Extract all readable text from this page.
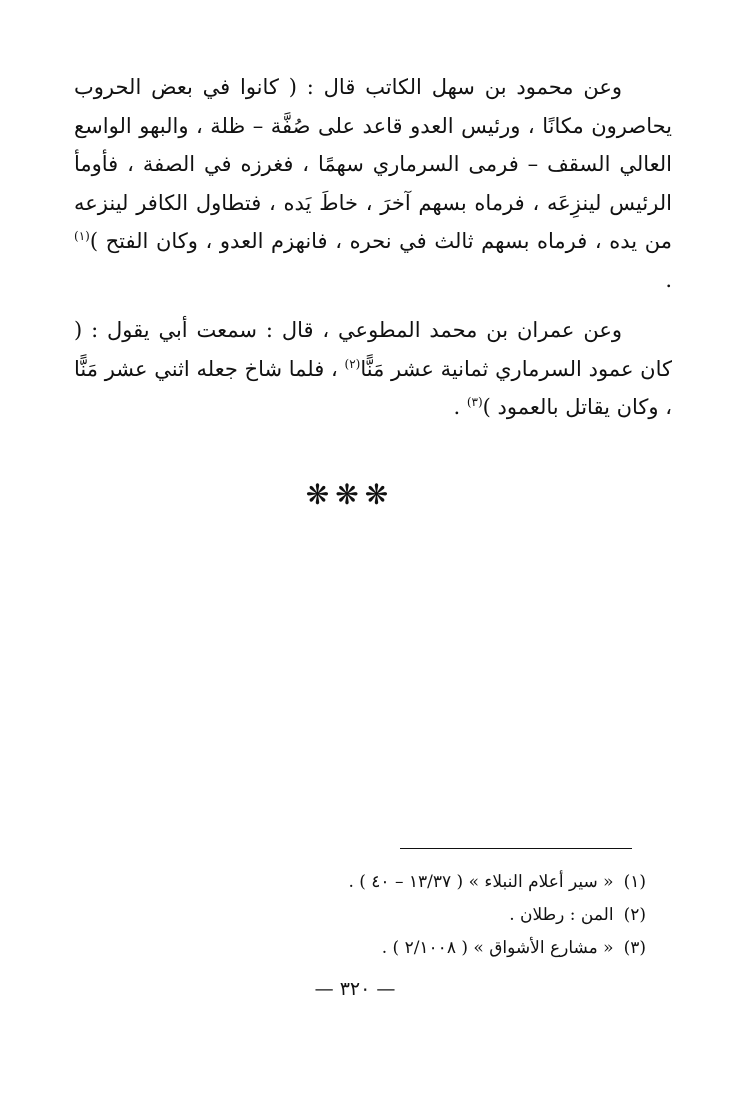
وعن محمود بن سهل الكاتب قال : ( كانوا في بعض الحروب يحاصرون مكانًا ، ورئيس العدو قاعد على صُفَّة – ظلة ، والبهو الواسع العالي السقف – فرمى السرماري سهمًا ، فغرزه في الصفة ، فأومأ الرئيس لينزِعَه ، فرماه بسهم آخرَ ، خاطَ يَده ، فتطاول الكافر لينزعه من يده ، فرماه بسهم ثالث في نحره ، فانهزم العدو ، وكان الفتح )$^{(١)}$ .

وعن عمران بن محمد المطوعي ، قال : سمعت أبي يقول : ( كان عمود السرماري ثمانية عشر مَنًّا$^{(٢)}$ ، فلما شاخ جعله اثني عشر مَنًّا ، وكان يقاتل بالعمود )$^{(٣)}$ .

❋❋❋
(١)« سير أعلام النبلاء » ( ١٣/٣٧ – ٤٠ ) .
(٢)المن : رطلان .
(٣)« مشارع الأشواق » ( ٢/١٠٠٨ ) .
— ٣٢٠ —
